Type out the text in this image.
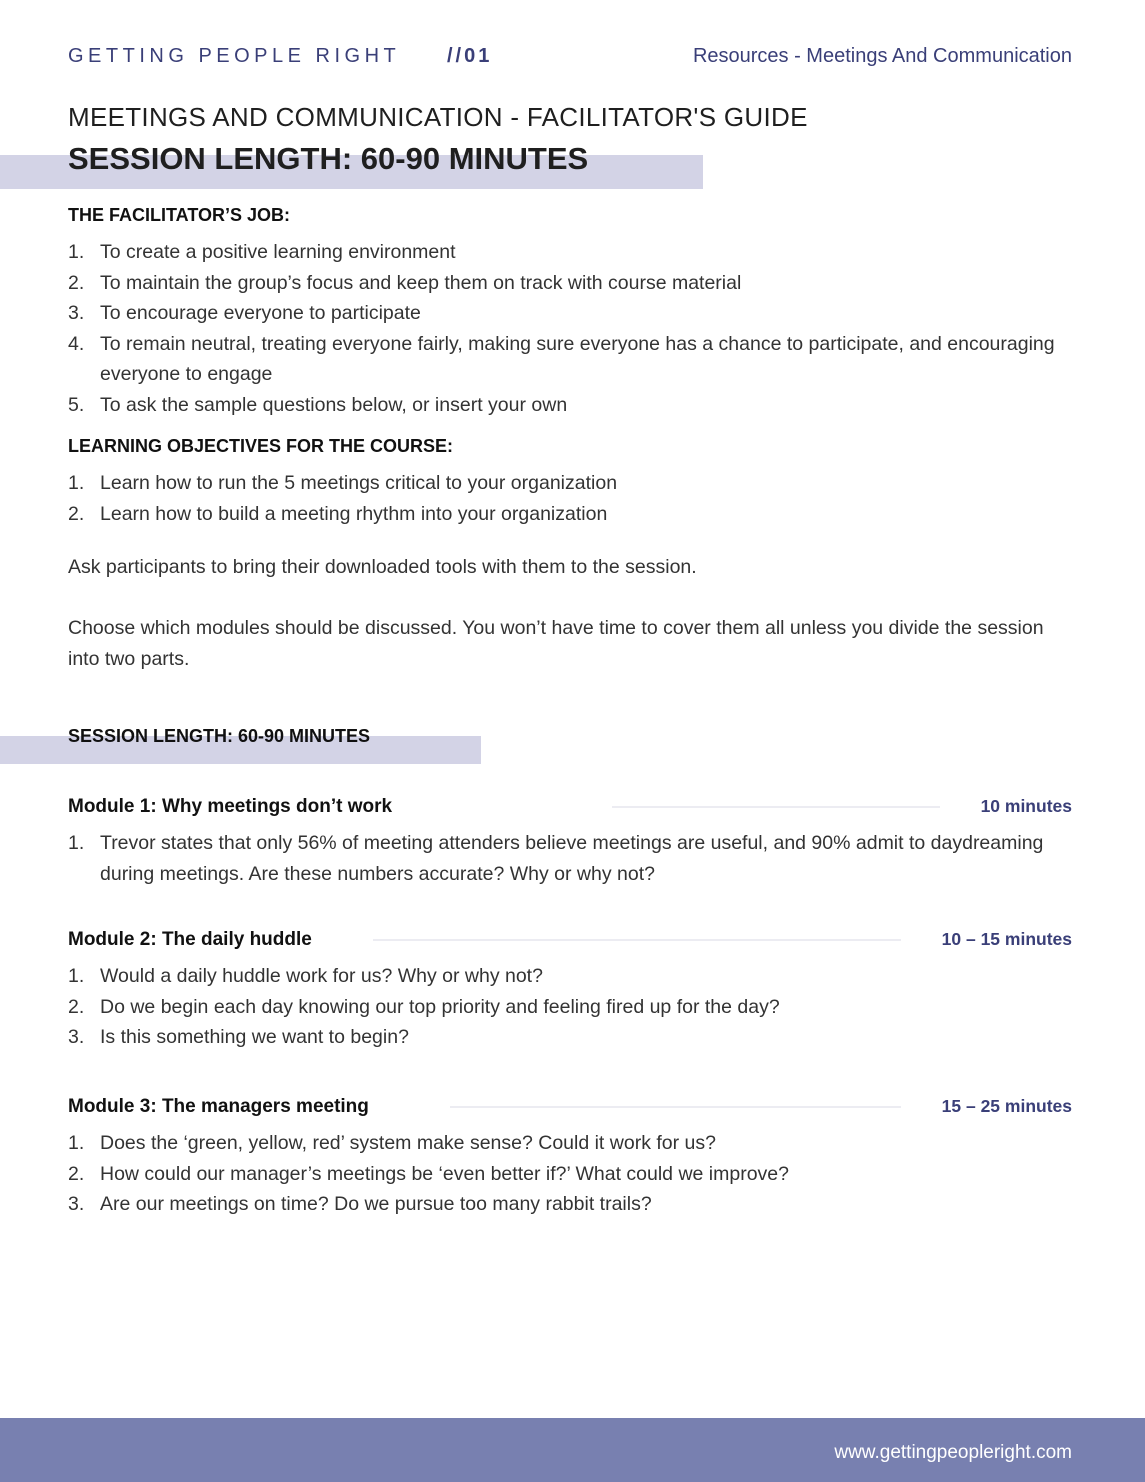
GETTING PEOPLE RIGHT //01	Resources - Meetings And Communication
MEETINGS AND COMMUNICATION - FACILITATOR'S GUIDE
SESSION LENGTH: 60-90 MINUTES
THE FACILITATOR’S JOB:
1. To create a positive learning environment
2. To maintain the group’s focus and keep them on track with course material
3. To encourage everyone to participate
4. To remain neutral, treating everyone fairly, making sure everyone has a chance to participate, and encouraging everyone to engage
5. To ask the sample questions below, or insert your own
LEARNING OBJECTIVES FOR THE COURSE:
1. Learn how to run the 5 meetings critical to your organization
2. Learn how to build a meeting rhythm into your organization

Ask participants to bring their downloaded tools with them to the session.

Choose which modules should be discussed. You won’t have time to cover them all unless you divide the session into two parts.

SESSION LENGTH: 60-90 MINUTES
Module 1: Why meetings don’t work	10 minutes
1. Trevor states that only 56% of meeting attenders believe meetings are useful, and 90% admit to daydreaming during meetings. Are these numbers accurate? Why or why not?
Module 2: The daily huddle	10 – 15 minutes
1. Would a daily huddle work for us? Why or why not?
2. Do we begin each day knowing our top priority and feeling fired up for the day?
3. Is this something we want to begin?
Module 3: The managers meeting	15 – 25 minutes
1. Does the ‘green, yellow, red’ system make sense? Could it work for us?
2. How could our manager’s meetings be ‘even better if?’ What could we improve?
3. Are our meetings on time? Do we pursue too many rabbit trails?
www.gettingpeopleright.com
